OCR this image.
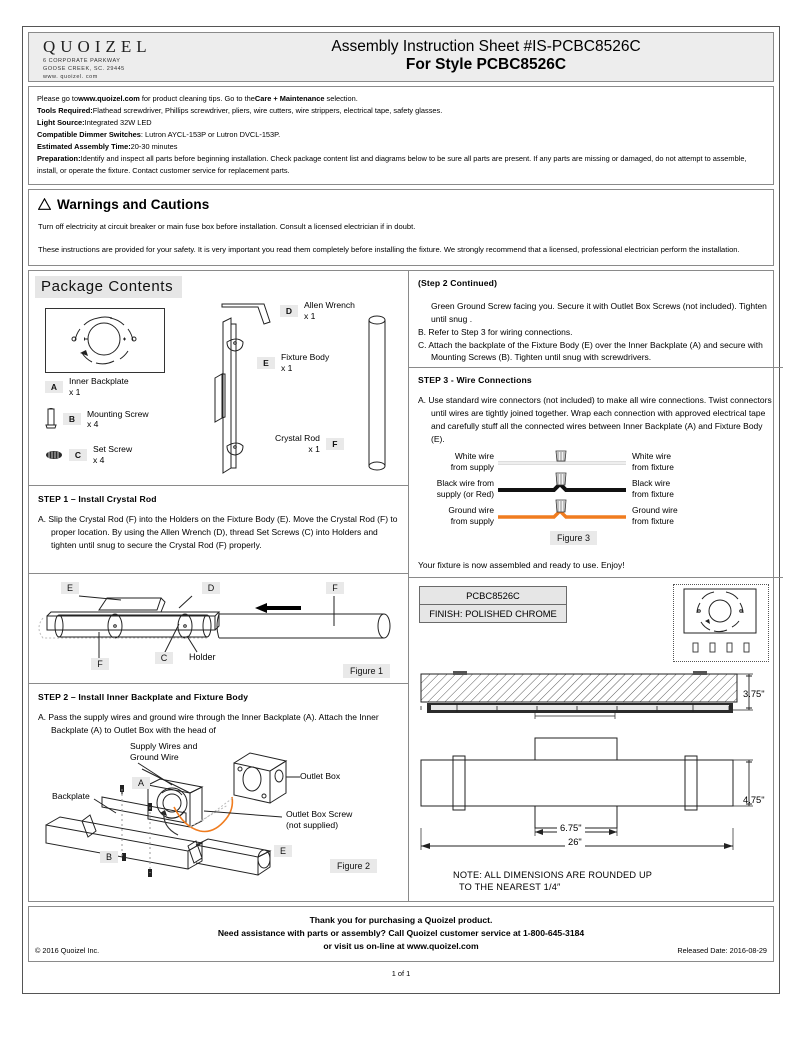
QUOIZEL
6 CORPORATE PARKWAY
GOOSE CREEK, SC. 29445
www. quoizel. com
Assembly Instruction Sheet #IS-PCBC8526C
For Style PCBC8526C
Please go towww.quoizel.com for product cleaning tips. Go to theCare + Maintenance selection.
Tools Required:Flathead screwdriver, Phillips screwdriver, pliers, wire cutters, wire strippers, electrical tape, safety glasses.
Light Source:Integrated 32W LED
Compatible Dimmer Switches: Lutron AYCL-153P or Lutron DVCL-153P.
Estimated Assembly Time:20-30 minutes
Preparation:Identify and inspect all parts before beginning installation. Check package content list and diagrams below to be sure all parts are present. If any parts are missing or damaged, do not attempt to assemble, install, or operate the fixture. Contact customer service for replacement parts.
Warnings and Cautions

Turn off electricity at circuit breaker or main fuse box before installation. Consult a licensed electrician if in doubt.

These instructions are provided for your safety. It is very important you read them completely before installing the fixture. We strongly recommend that a licensed, professional electrician perform the installation.

Package Contents
A
Inner Backplate
x 1
B
Mounting Screw
x 4
C
Set Screw
x 4
D
Allen Wrench
x 1
E
Fixture Body
x 1
Crystal Rod
x 1	F
STEP 1 – Install Crystal Rod
A. Slip the Crystal Rod (F) into the Holders on the Fixture Body (E). Move the Crystal Rod (F) to proper location. By using the Allen Wrench (D), thread Set Screws (C) into Holders and tighten until snug to secure the Crystal Rod (F) properly.
E	D	F
F
C	Holder
Figure 1
STEP 2 – Install Inner Backplate and Fixture Body
A. Pass the supply wires and ground wire through the Inner Backplate (A). Attach the Inner Backplate (A) to Outlet Box with the head of
Supply Wires and
Ground Wire
Backplate
A
Outlet Box
Outlet Box Screw
(not supplied)
B
E
Figure 2
(Step 2 Continued)
Green Ground Screw facing you. Secure it with Outlet Box Screws (not included). Tighten until snug .
B. Refer to Step 3 for wiring connections.
C. Attach the backplate of the Fixture Body (E) over the Inner Backplate (A) and secure with Mounting Screws (B). Tighten until snug with screwdrivers.
STEP 3 - Wire Connections
A. Use standard wire connectors (not included) to make all wire connections. Twist connectors until wires are tightly joined together. Wrap each connection with approved electrical tape and carefully stuff all the connected wires between Inner Backplate (A) and Fixture Body (E).
White wire
from supply
White wire
from fixture
Black wire from
supply (or Red)
Black wire
from fixture
Ground wire
from supply
Ground wire
from fixture
Figure 3
Your fixture is now assembled and ready to use. Enjoy!
PCBC8526C
FINISH: POLISHED CHROME
3.75"
4.75"
6.75"
26"
NOTE: ALL DIMENSIONS ARE ROUNDED UP
TO THE NEAREST 1/4″
Thank you for purchasing a Quoizel product.
Need assistance with parts or assembly? Call Quoizel customer service at 1-800-645-3184
or visit us on-line at www.quoizel.com
© 2016 Quoizel Inc.	Released Date: 2016-08-29
1 of 1
